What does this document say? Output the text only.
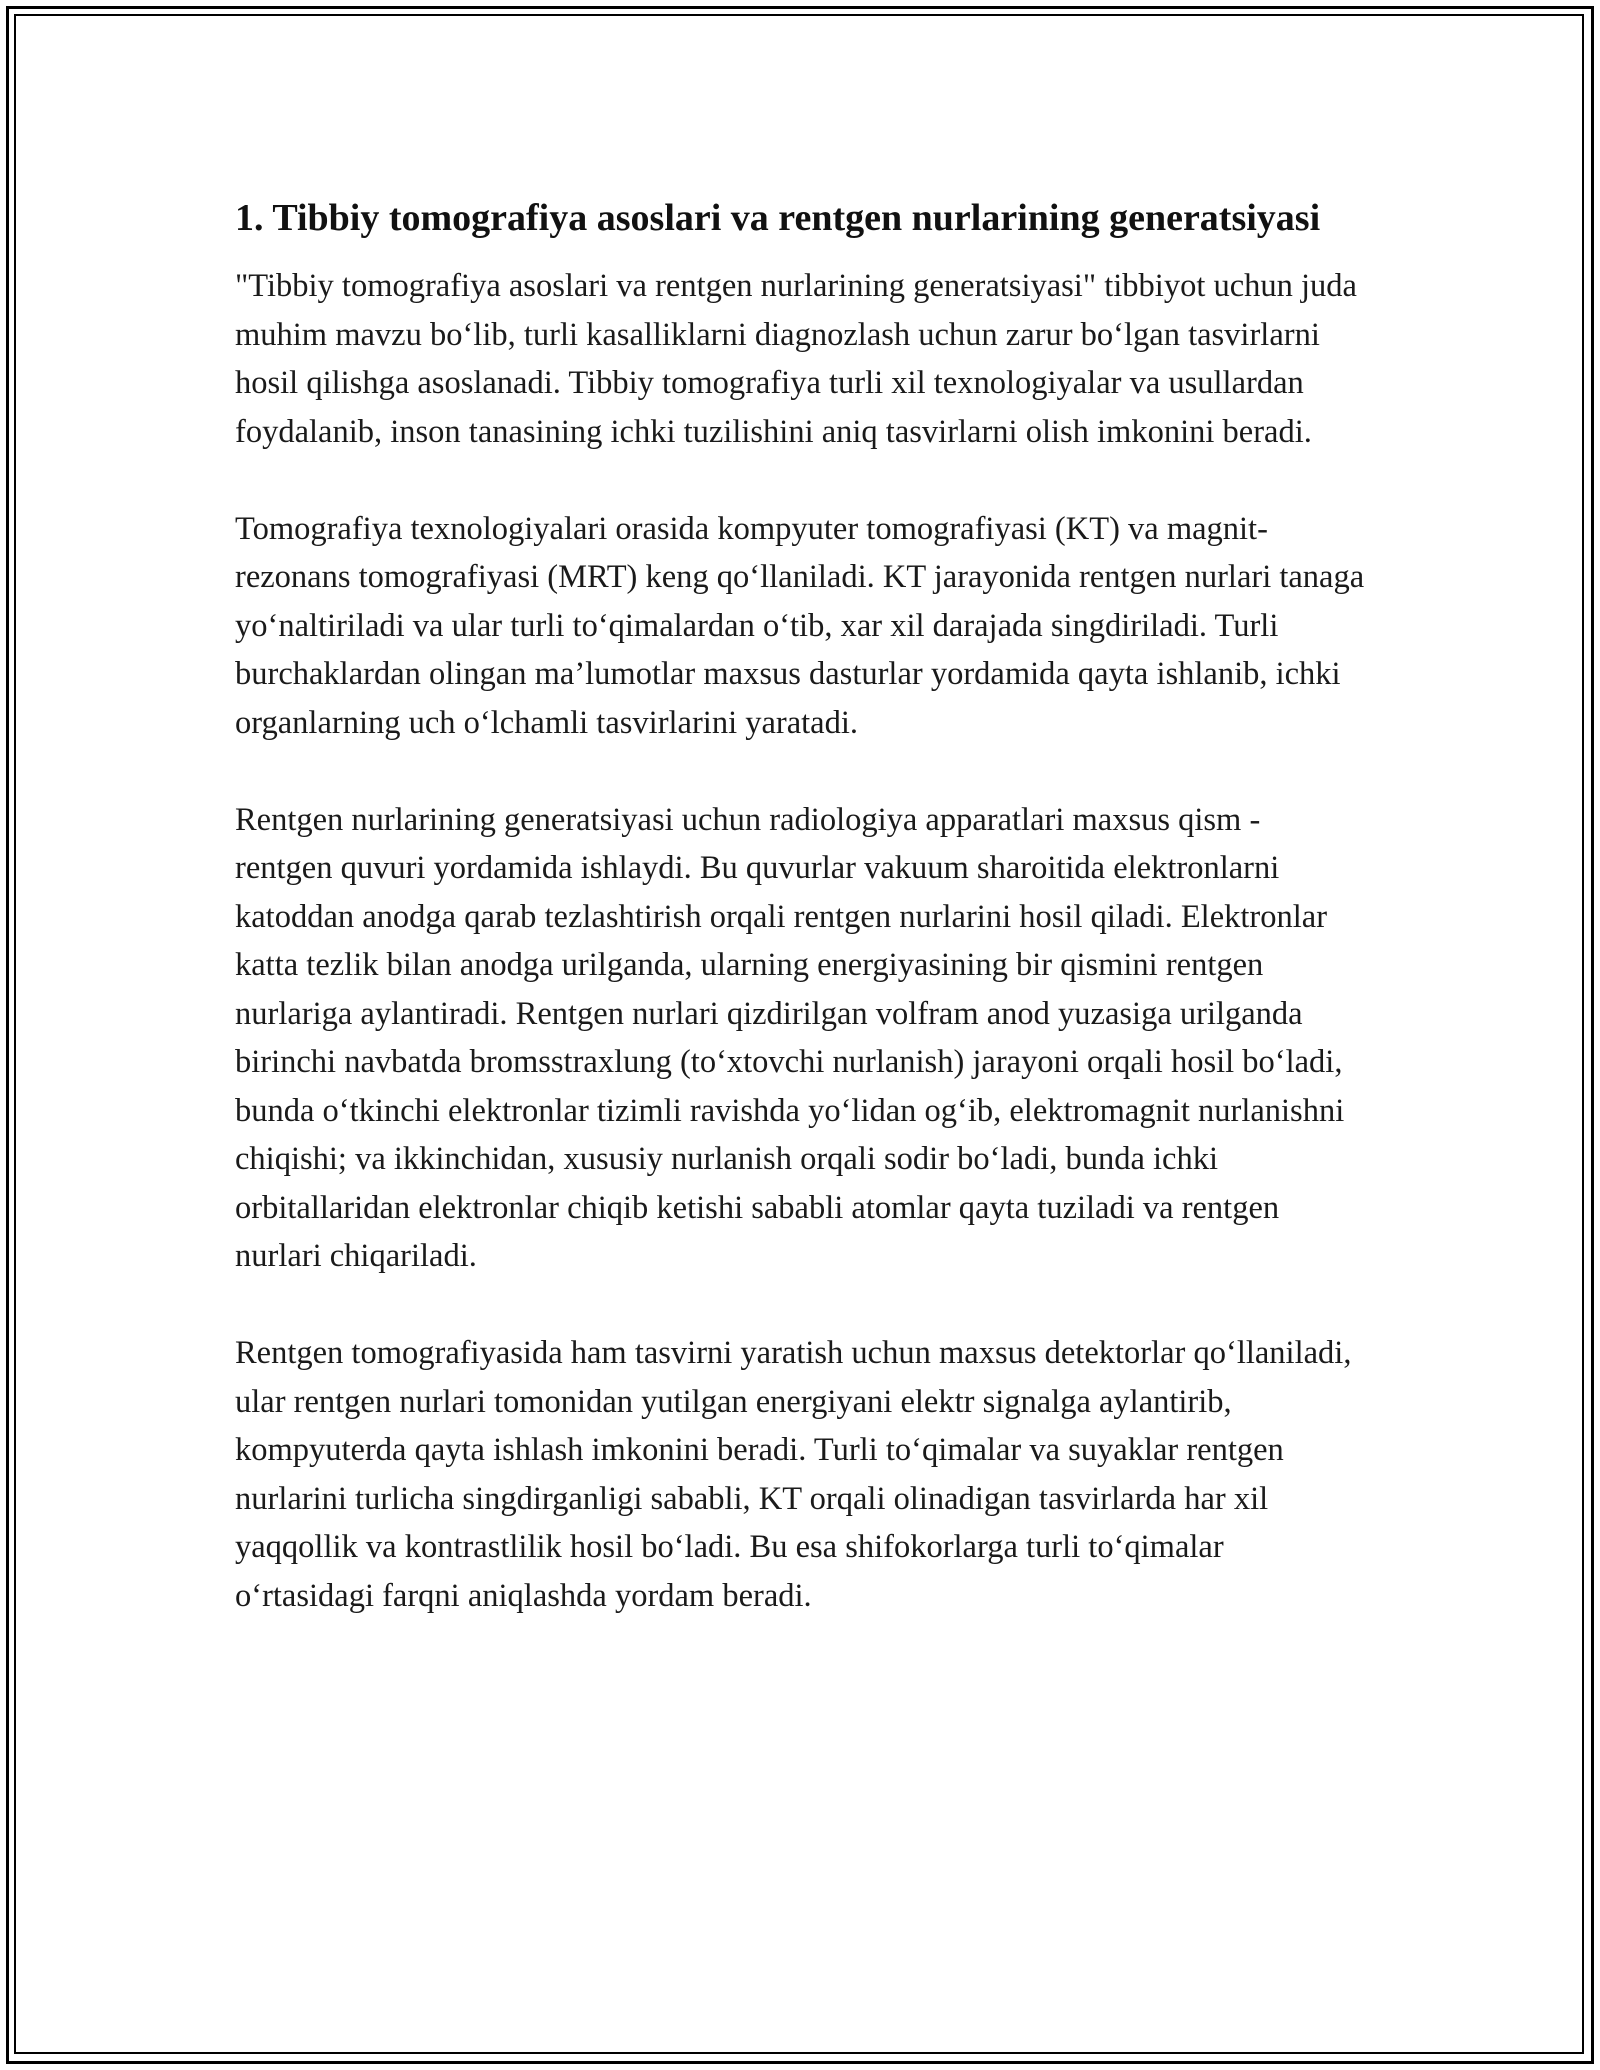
1. Tibbiy tomografiya asoslari va rentgen nurlarining generatsiyasi

"Tibbiy tomografiya asoslari va rentgen nurlarining generatsiyasi" tibbiyot uchun juda muhim mavzu bo‘lib, turli kasalliklarni diagnozlash uchun zarur bo‘lgan tasvirlarni hosil qilishga asoslanadi. Tibbiy tomografiya turli xil texnologiyalar va usullardan foydalanib, inson tanasining ichki tuzilishini aniq tasvirlarni olish imkonini beradi.

Tomografiya texnologiyalari orasida kompyuter tomografiyasi (KT) va magnit-rezonans tomografiyasi (MRT) keng qo‘llaniladi. KT jarayonida rentgen nurlari tanaga yo‘naltiriladi va ular turli to‘qimalardan o‘tib, xar xil darajada singdiriladi. Turli burchaklardan olingan ma’lumotlar maxsus dasturlar yordamida qayta ishlanib, ichki organlarning uch o‘lchamli tasvirlarini yaratadi.

Rentgen nurlarining generatsiyasi uchun radiologiya apparatlari maxsus qism - rentgen quvuri yordamida ishlaydi. Bu quvurlar vakuum sharoitida elektronlarni katoddan anodga qarab tezlashtirish orqali rentgen nurlarini hosil qiladi. Elektronlar katta tezlik bilan anodga urilganda, ularning energiyasining bir qismini rentgen nurlariga aylantiradi. Rentgen nurlari qizdirilgan volfram anod yuzasiga urilganda birinchi navbatda bromsstraxlung (to‘xtovchi nurlanish) jarayoni orqali hosil bo‘ladi, bunda o‘tkinchi elektronlar tizimli ravishda yo‘lidan og‘ib, elektromagnit nurlanishni chiqishi; va ikkinchidan, xususiy nurlanish orqali sodir bo‘ladi, bunda ichki orbitallaridan elektronlar chiqib ketishi sababli atomlar qayta tuziladi va rentgen nurlari chiqariladi.

Rentgen tomografiyasida ham tasvirni yaratish uchun maxsus detektorlar qo‘llaniladi, ular rentgen nurlari tomonidan yutilgan energiyani elektr signalga aylantirib, kompyuterda qayta ishlash imkonini beradi. Turli to‘qimalar va suyaklar rentgen nurlarini turlicha singdirganligi sababli, KT orqali olinadigan tasvirlarda har xil yaqqollik va kontrastlilik hosil bo‘ladi. Bu esa shifokorlarga turli to‘qimalar o‘rtasidagi farqni aniqlashda yordam beradi.
